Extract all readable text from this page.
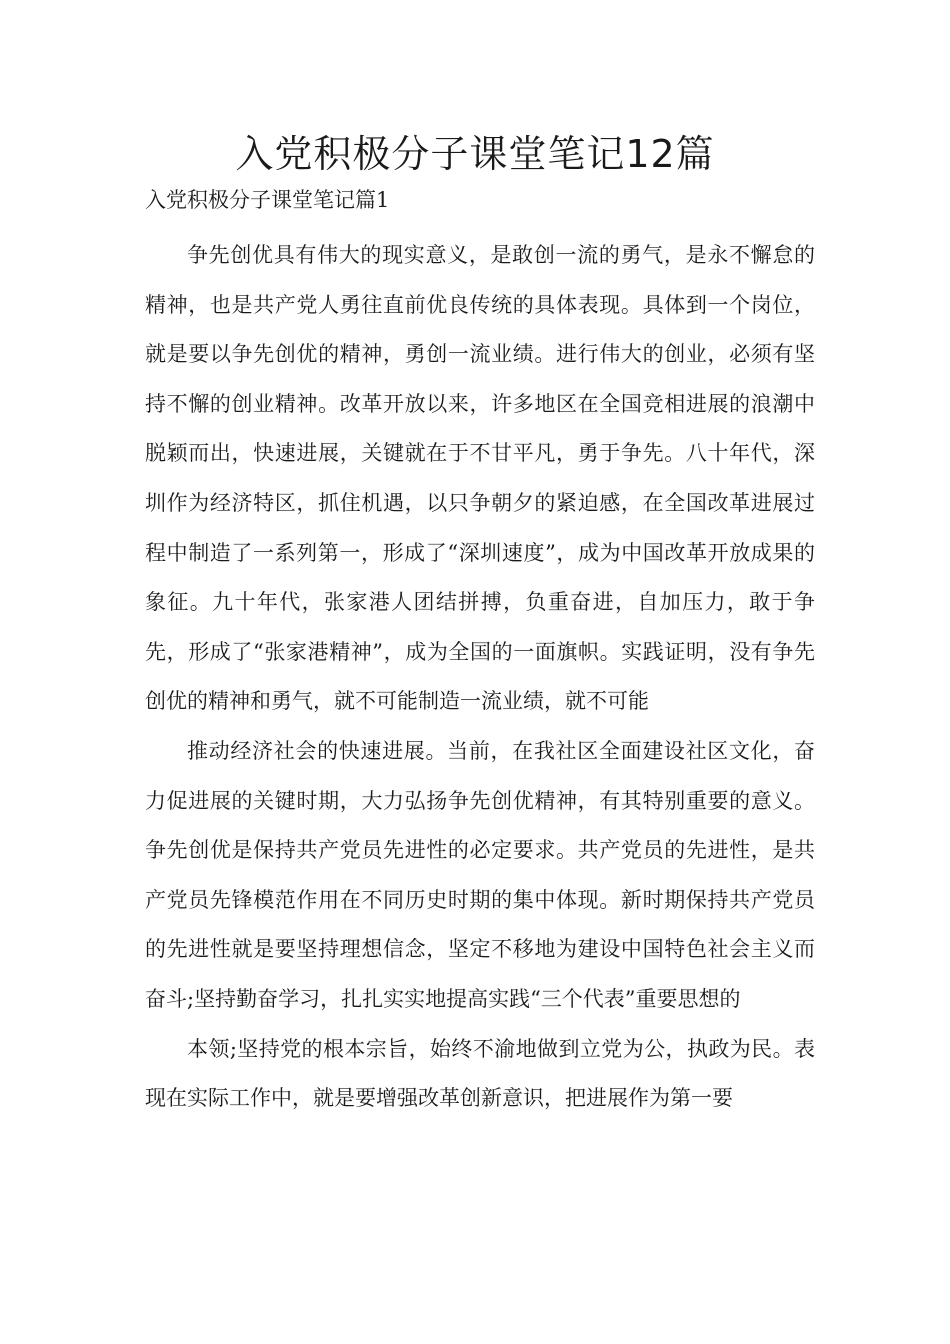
入党积极分子课堂笔记12篇
入党积极分子课堂笔记篇1

争先创优具有伟大的现实意义，是敢创一流的勇气，是永不懈怠的精神，也是共产党人勇往直前优良传统的具体表现。具体到一个岗位，就是要以争先创优的精神，勇创一流业绩。进行伟大的创业，必须有坚持不懈的创业精神。改革开放以来，许多地区在全国竞相进展的浪潮中脱颖而出，快速进展，关键就在于不甘平凡，勇于争先。八十年代，深圳作为经济特区，抓住机遇，以只争朝夕的紧迫感，在全国改革进展过程中制造了一系列第一，形成了“深圳速度”，成为中国改革开放成果的象征。九十年代，张家港人团结拼搏，负重奋进，自加压力，敢于争先，形成了“张家港精神”，成为全国的一面旗帜。实践证明，没有争先创优的精神和勇气，就不可能制造一流业绩，就不可能

推动经济社会的快速进展。当前，在我社区全面建设社区文化，奋力促进展的关键时期，大力弘扬争先创优精神，有其特别重要的意义。争先创优是保持共产党员先进性的必定要求。共产党员的先进性，是共产党员先锋模范作用在不同历史时期的集中体现。新时期保持共产党员的先进性就是要坚持理想信念，坚定不移地为建设中国特色社会主义而奋斗;坚持勤奋学习，扎扎实实地提高实践“三个代表”重要思想的

本领;坚持党的根本宗旨，始终不渝地做到立党为公，执政为民。表现在实际工作中，就是要增强改革创新意识，把进展作为第一要
